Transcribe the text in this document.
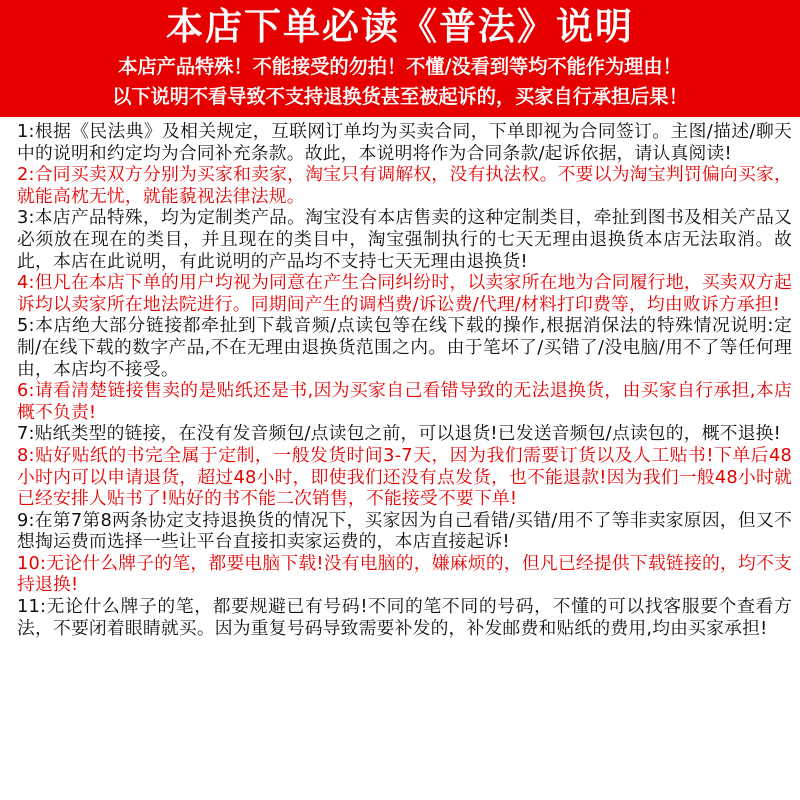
本店下单必读《普法》说明
本店产品特殊！不能接受的勿拍！不懂/没看到等均不能作为理由！
以下说明不看导致不支持退换货甚至被起诉的，买家自行承担后果！

1:根据《民法典》及相关规定，互联网订单均为买卖合同，下单即视为合同签订。主图/描述/聊天中的说明和约定均为合同补充条款。故此，本说明将作为合同条款/起诉依据，请认真阅读!

2:合同买卖双方分别为买家和卖家，淘宝只有调解权，没有执法权。不要以为淘宝判罚偏向买家，就能高枕无忧，就能藐视法律法规。

3:本店产品特殊，均为定制类产品。淘宝没有本店售卖的这种定制类目，牵扯到图书及相关产品又必须放在现在的类目，并且现在的类目中，淘宝强制执行的七天无理由退换货本店无法取消。故此，本店在此说明，有此说明的产品均不支持七天无理由退换货!

4:但凡在本店下单的用户均视为同意在产生合同纠纷时，以卖家所在地为合同履行地，买卖双方起诉均以卖家所在地法院进行。同期间产生的调档费/诉讼费/代理/材料打印费等，均由败诉方承担!

5:本店绝大部分链接都牵扯到下载音频/点读包等在线下载的操作,根据消保法的特殊情况说明:定制/在线下载的数字产品,不在无理由退换货范围之内。由于笔坏了/买错了/没电脑/用不了等任何理由，本店均不接受。

6:请看清楚链接售卖的是贴纸还是书,因为买家自己看错导致的无法退换货，由买家自行承担,本店概不负责!

7:贴纸类型的链接，在没有发音频包/点读包之前，可以退货!已发送音频包/点读包的，概不退换!

8:贴好贴纸的书完全属于定制，一般发货时间3-7天，因为我们需要订货以及人工贴书!下单后48小时内可以申请退货，超过48小时，即使我们还没有点发货，也不能退款!因为我们一般48小时就已经安排人贴书了!贴好的书不能二次销售，不能接受不要下单!

9:在第7第8两条协定支持退换货的情况下，买家因为自己看错/买错/用不了等非卖家原因，但又不想掏运费而选择一些让平台直接扣卖家运费的，本店直接起诉!

10:无论什么牌子的笔，都要电脑下载!没有电脑的，嫌麻烦的，但凡已经提供下载链接的，均不支持退换!

11:无论什么牌子的笔，都要规避已有号码!不同的笔不同的号码，不懂的可以找客服要个查看方法，不要闭着眼睛就买。因为重复号码导致需要补发的，补发邮费和贴纸的费用,均由买家承担!
